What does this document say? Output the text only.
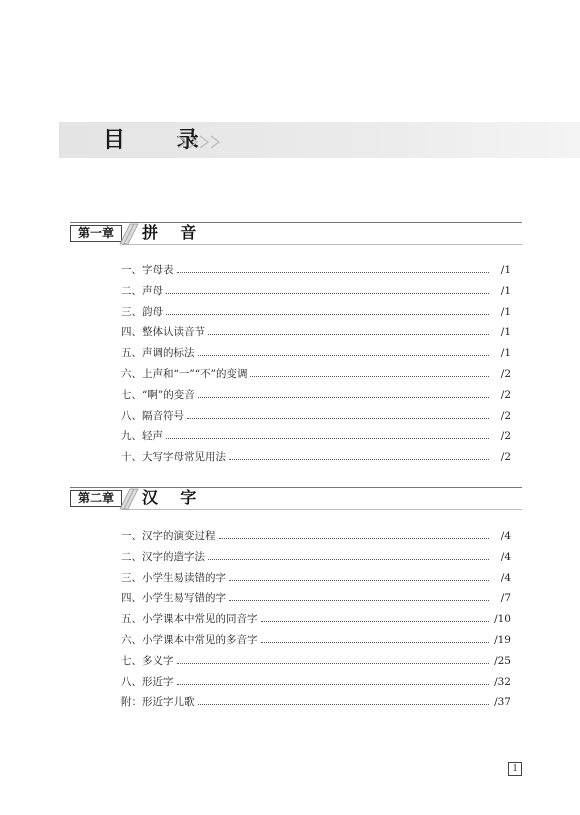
目 录
第一章	拼    音
一、字母表	/1
二、声母	/1
三、韵母	/1
四、整体认读音节	/1
五、声调的标法	/1
六、上声和“一”“不”的变调	/2
七、“啊”的变音	/2
八、隔音符号	/2
九、轻声	/2
十、大写字母常见用法	/2
第二章	汉    字
一、汉字的演变过程	/4
二、汉字的造字法	/4
三、小学生易读错的字	/4
四、小学生易写错的字	/7
五、小学课本中常见的同音字	/10
六、小学课本中常见的多音字	/19
七、多义字	/25
八、形近字	/32
附：形近字儿歌	/37
1
